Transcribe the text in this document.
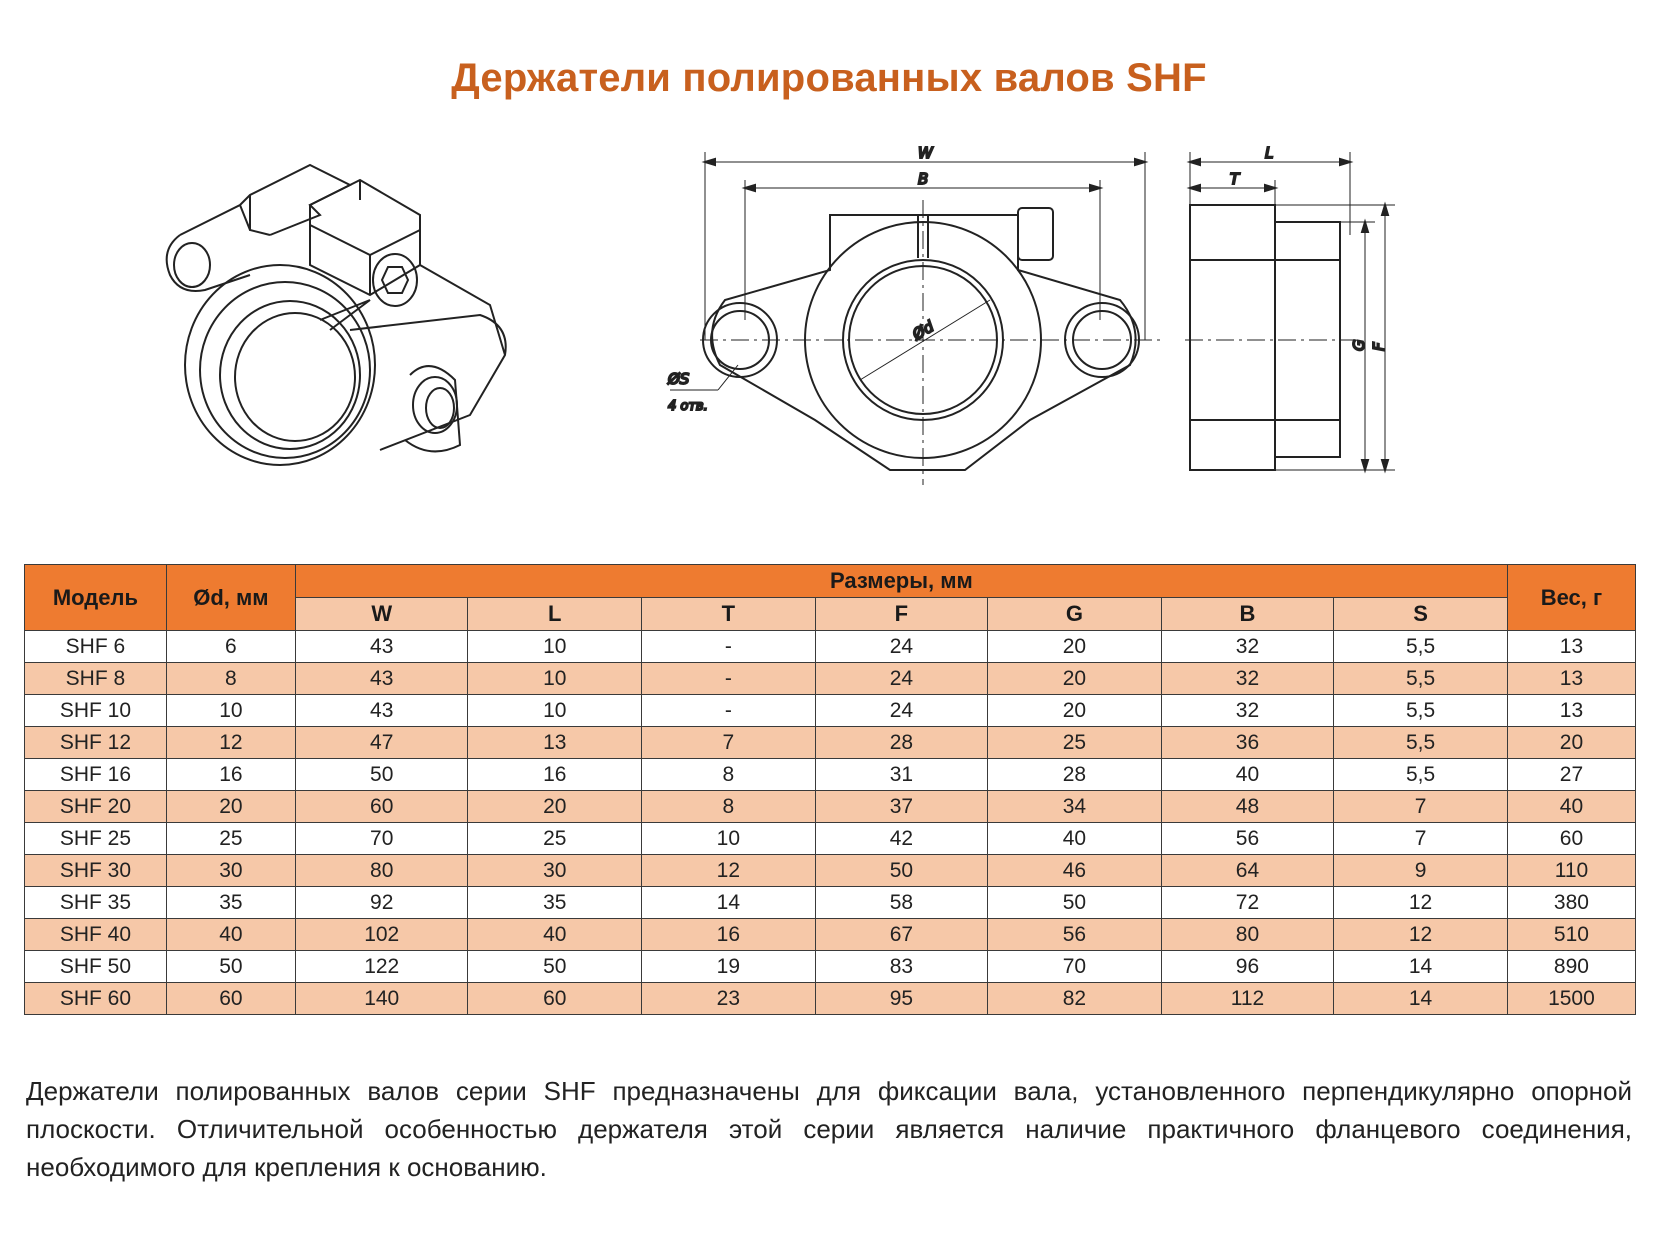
Держатели полированных валов SHF
W
B
Ød
ØS
4 отв.
L
T
G F
Модель	Ød, мм	Размеры, мм							Вес, г
		W	L	T	F	G	B	S	
SHF 6	6	43	10	-	24	20	32	5,5	13
SHF 8	8	43	10	-	24	20	32	5,5	13
SHF 10	10	43	10	-	24	20	32	5,5	13
SHF 12	12	47	13	7	28	25	36	5,5	20
SHF 16	16	50	16	8	31	28	40	5,5	27
SHF 20	20	60	20	8	37	34	48	7	40
SHF 25	25	70	25	10	42	40	56	7	60
SHF 30	30	80	30	12	50	46	64	9	110
SHF 35	35	92	35	14	58	50	72	12	380
SHF 40	40	102	40	16	67	56	80	12	510
SHF 50	50	122	50	19	83	70	96	14	890
SHF 60	60	140	60	23	95	82	112	14	1500
Держатели полированных валов серии SHF предназначены для фиксации вала, установленного перпендикулярно опорной плоскости. Отличительной особенностью держателя этой серии является наличие практичного фланцевого соединения, необходимого для крепления к основанию.
